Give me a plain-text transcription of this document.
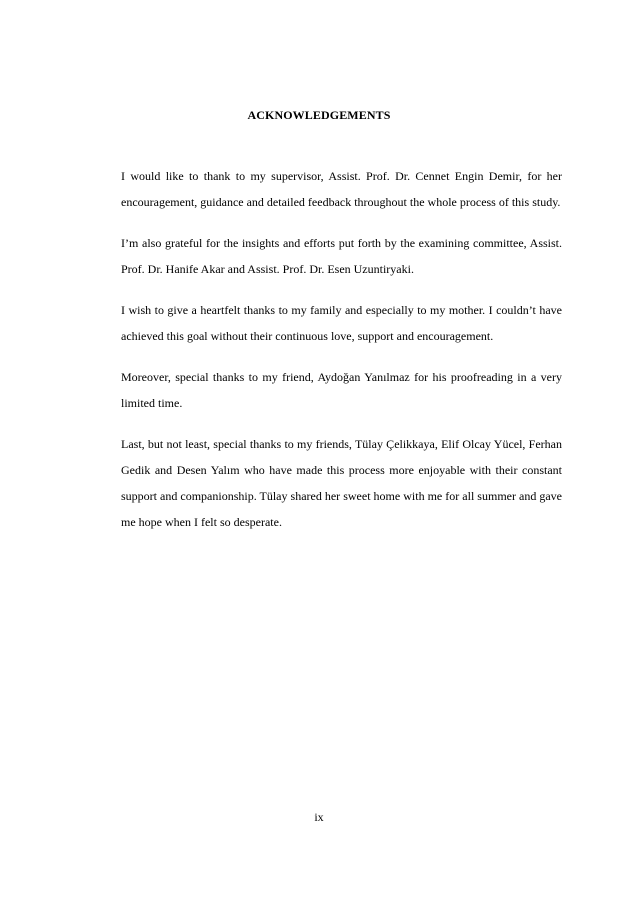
ACKNOWLEDGEMENTS

I would like to thank to my supervisor, Assist. Prof. Dr. Cennet Engin Demir, for her encouragement, guidance and detailed feedback throughout the whole process of this study.

I’m also grateful for the insights and efforts put forth by the examining committee, Assist. Prof. Dr. Hanife Akar and Assist. Prof. Dr. Esen Uzuntiryaki.

I wish to give a heartfelt thanks to my family and especially to my mother. I couldn’t have achieved this goal without their continuous love, support and encouragement.

Moreover, special thanks to my friend, Aydoğan Yanılmaz for his proofreading in a very limited time.

Last, but not least, special thanks to my friends, Tülay Çelikkaya, Elif Olcay Yücel, Ferhan Gedik and Desen Yalım who have made this process more enjoyable with their constant support and companionship. Tülay shared her sweet home with me for all summer and gave me hope when I felt so desperate.

ix
